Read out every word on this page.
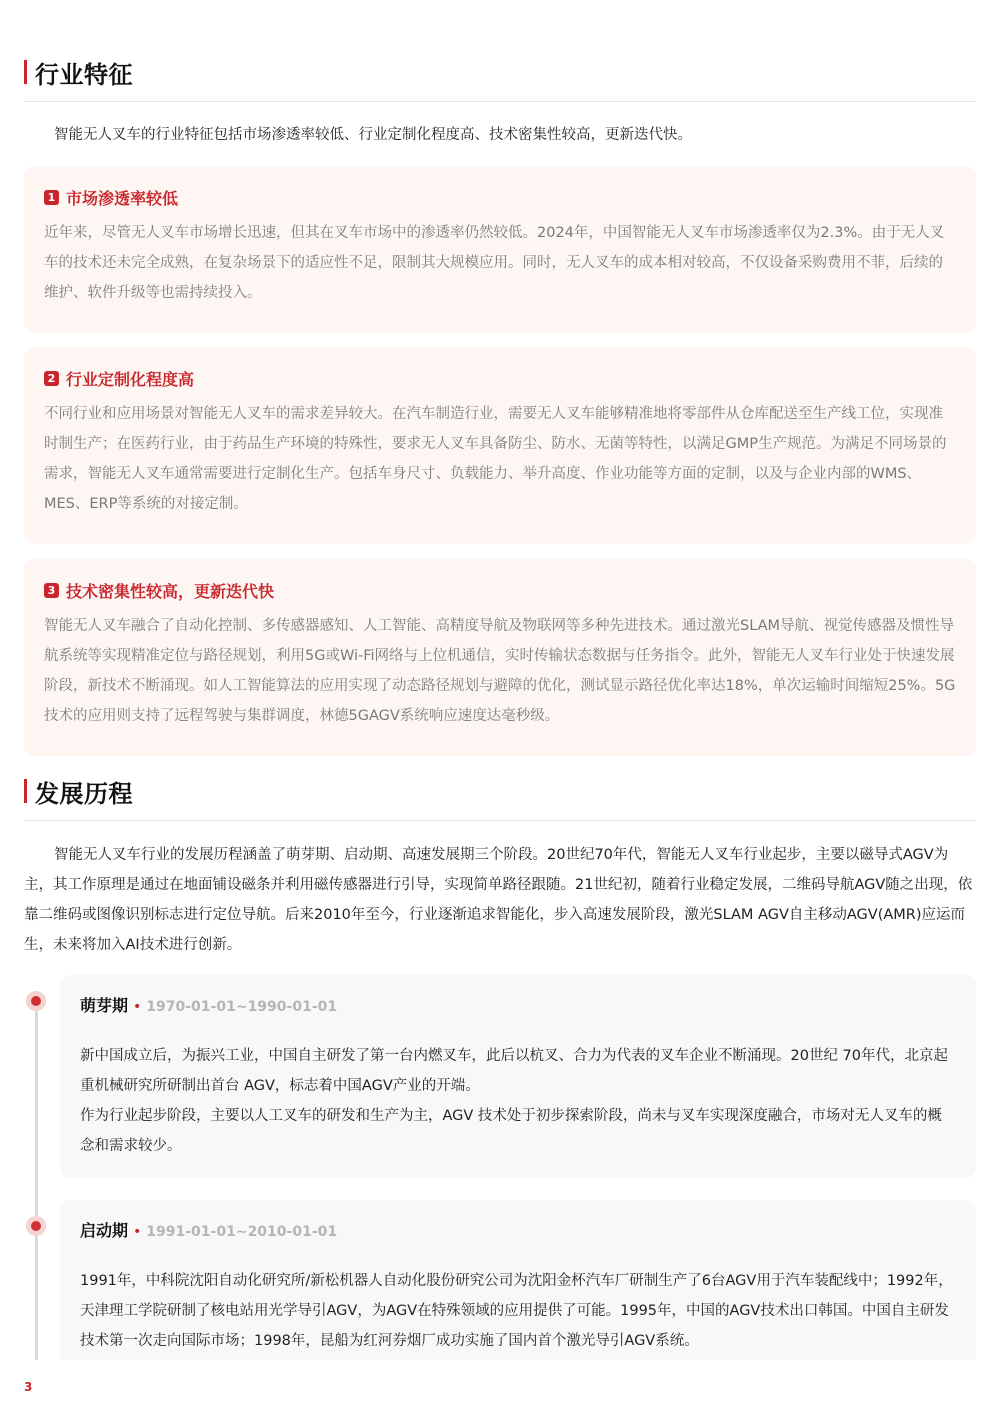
行业特征
智能无人叉车的行业特征包括市场渗透率较低、行业定制化程度高、技术密集性较高，更新迭代快。
1 市场渗透率较低
近年来，尽管无人叉车市场增长迅速，但其在叉车市场中的渗透率仍然较低。2024年，中国智能无人叉车市场渗透率仅为2.3%。由于无人叉车的技术还未完全成熟，在复杂场景下的适应性不足，限制其大规模应用。同时，无人叉车的成本相对较高，不仅设备采购费用不菲，后续的维护、软件升级等也需持续投入。
2 行业定制化程度高
不同行业和应用场景对智能无人叉车的需求差异较大。在汽车制造行业，需要无人叉车能够精准地将零部件从仓库配送至生产线工位，实现准时制生产；在医药行业，由于药品生产环境的特殊性，要求无人叉车具备防尘、防水、无菌等特性，以满足GMP生产规范。为满足不同场景的需求，智能无人叉车通常需要进行定制化生产。包括车身尺寸、负载能力、举升高度、作业功能等方面的定制，以及与企业内部的WMS、MES、ERP等系统的对接定制。
3 技术密集性较高，更新迭代快
智能无人叉车融合了自动化控制、多传感器感知、人工智能、高精度导航及物联网等多种先进技术。通过激光SLAM导航、视觉传感器及惯性导航系统等实现精准定位与路径规划，利用5G或Wi-Fi网络与上位机通信，实时传输状态数据与任务指令。此外，智能无人叉车行业处于快速发展阶段，新技术不断涌现。如人工智能算法的应用实现了动态路径规划与避障的优化，测试显示路径优化率达18%，单次运输时间缩短25%。5G技术的应用则支持了远程驾驶与集群调度，林德5GAGV系统响应速度达毫秒级。
发展历程
智能无人叉车行业的发展历程涵盖了萌芽期、启动期、高速发展期三个阶段。20世纪70年代，智能无人叉车行业起步，主要以磁导式AGV为主，其工作原理是通过在地面铺设磁条并利用磁传感器进行引导，实现简单路径跟随。21世纪初，随着行业稳定发展，二维码导航AGV随之出现，依靠二维码或图像识别标志进行定位导航。后来2010年至今，行业逐渐追求智能化，步入高速发展阶段，激光SLAM AGV自主移动AGV(AMR)应运而生，未来将加入AI技术进行创新。
萌芽期 • 1970-01-01~1990-01-01
新中国成立后，为振兴工业，中国自主研发了第一台内燃叉车，此后以杭叉、合力为代表的叉车企业不断涌现。20世纪 70年代，北京起重机械研究所研制出首台 AGV，标志着中国AGV产业的开端。
作为行业起步阶段，主要以人工叉车的研发和生产为主，AGV 技术处于初步探索阶段，尚未与叉车实现深度融合，市场对无人叉车的概念和需求较少。
启动期 • 1991-01-01~2010-01-01
1991年，中科院沈阳自动化研究所/新松机器人自动化股份研究公司为沈阳金杯汽车厂研制生产了6台AGV用于汽车装配线中；1992年，天津理工学院研制了核电站用光学导引AGV，为AGV在特殊领域的应用提供了可能。1995年，中国的AGV技术出口韩国。中国自主研发技术第一次走向国际市场；1998年，昆船为红河券烟厂成功实施了国内首个激光导引AGV系统。
3
